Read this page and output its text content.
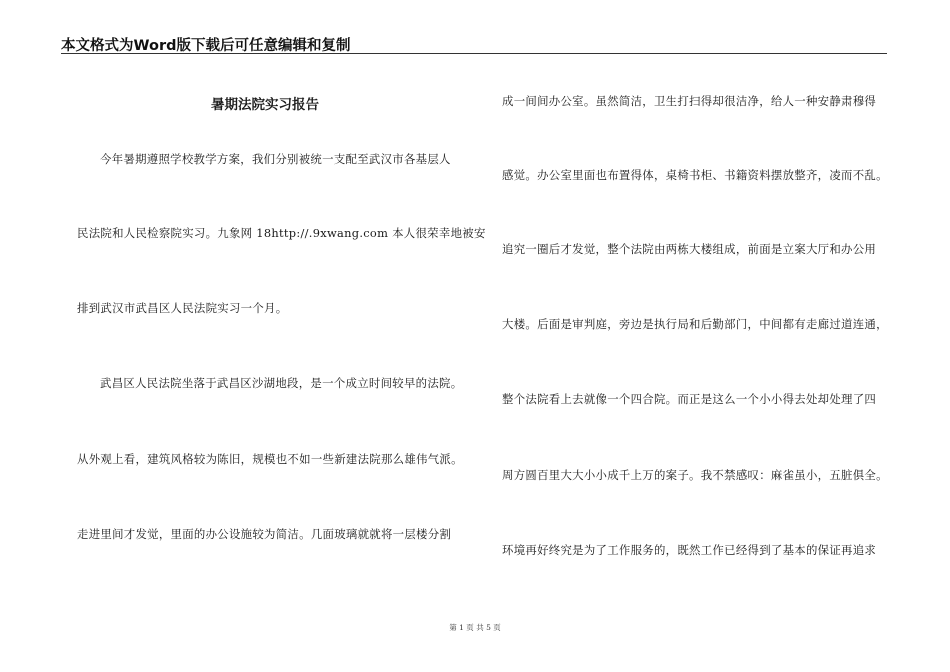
本文格式为Word版下载后可任意编辑和复制
暑期法院实习报告
今年暑期遵照学校教学方案，我们分别被统一支配至武汉市各基层人
民法院和人民检察院实习。九象网 18http://.9xwang.com 本人很荣幸地被安
排到武汉市武昌区人民法院实习一个月。
武昌区人民法院坐落于武昌区沙湖地段，是一个成立时间较早的法院。
从外观上看，建筑风格较为陈旧，规模也不如一些新建法院那么雄伟气派。
走进里间才发觉，里面的办公设施较为简洁。几面玻璃就就将一层楼分割
成一间间办公室。虽然简洁，卫生打扫得却很洁净，给人一种安静肃穆得
感觉。办公室里面也布置得体，桌椅书柜、书籍资料摆放整齐，凌而不乱。
追究一圈后才发觉，整个法院由两栋大楼组成，前面是立案大厅和办公用
大楼。后面是审判庭，旁边是执行局和后勤部门，中间都有走廊过道连通，
整个法院看上去就像一个四合院。而正是这么一个小小得去处却处理了四
周方圆百里大大小小成千上万的案子。我不禁感叹：麻雀虽小，五脏俱全。
环境再好终究是为了工作服务的，既然工作已经得到了基本的保证再追求
第 1 页 共 5 页
